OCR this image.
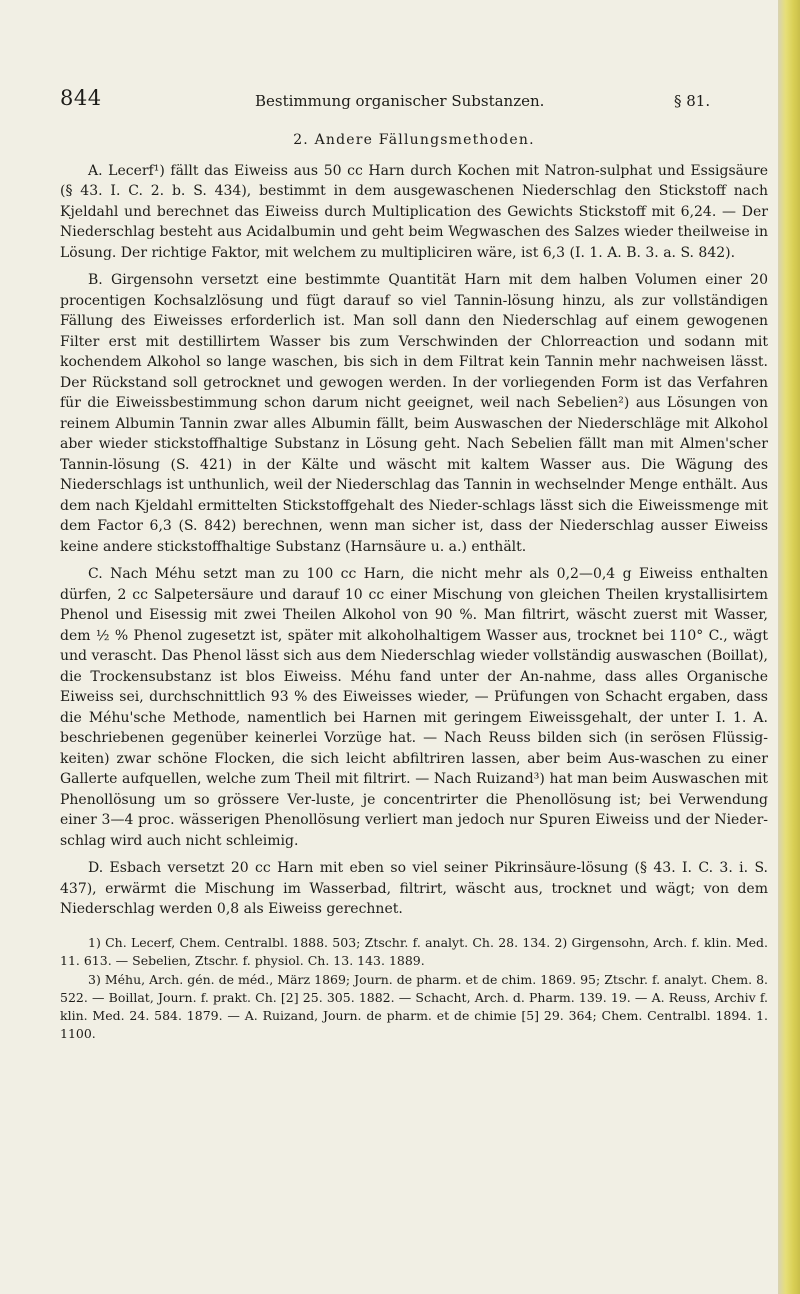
844	Bestimmung organischer Substanzen.	§ 81.
2. Andere Fällungsmethoden.

A. Lecerf¹) fällt das Eiweiss aus 50 cc Harn durch Kochen mit Natron-sulphat und Essigsäure (§ 43. I. C. 2. b. S. 434), bestimmt in dem ausgewaschenen Niederschlag den Stickstoff nach Kjeldahl und berechnet das Eiweiss durch Multiplication des Gewichts Stickstoff mit 6,24. — Der Niederschlag besteht aus Acidalbumin und geht beim Wegwaschen des Salzes wieder theilweise in Lösung. Der richtige Faktor, mit welchem zu multipliciren wäre, ist 6,3 (I. 1. A. B. 3. a. S. 842).

B. Girgensohn versetzt eine bestimmte Quantität Harn mit dem halben Volumen einer 20 procentigen Kochsalzlösung und fügt darauf so viel Tannin-lösung hinzu, als zur vollständigen Fällung des Eiweisses erforderlich ist. Man soll dann den Niederschlag auf einem gewogenen Filter erst mit destillirtem Wasser bis zum Verschwinden der Chlorreaction und sodann mit kochendem Alkohol so lange waschen, bis sich in dem Filtrat kein Tannin mehr nachweisen lässt. Der Rückstand soll getrocknet und gewogen werden. In der vorliegenden Form ist das Verfahren für die Eiweissbestimmung schon darum nicht geeignet, weil nach Sebelien²) aus Lösungen von reinem Albumin Tannin zwar alles Albumin fällt, beim Auswaschen der Niederschläge mit Alkohol aber wieder stickstoffhaltige Substanz in Lösung geht. Nach Sebelien fällt man mit Almen'scher Tannin-lösung (S. 421) in der Kälte und wäscht mit kaltem Wasser aus. Die Wägung des Niederschlags ist unthunlich, weil der Niederschlag das Tannin in wechselnder Menge enthält. Aus dem nach Kjeldahl ermittelten Stickstoffgehalt des Nieder-schlags lässt sich die Eiweissmenge mit dem Factor 6,3 (S. 842) berechnen, wenn man sicher ist, dass der Niederschlag ausser Eiweiss keine andere stickstoffhaltige Substanz (Harnsäure u. a.) enthält.

C. Nach Méhu setzt man zu 100 cc Harn, die nicht mehr als 0,2—0,4 g Eiweiss enthalten dürfen, 2 cc Salpetersäure und darauf 10 cc einer Mischung von gleichen Theilen krystallisirtem Phenol und Eisessig mit zwei Theilen Alkohol von 90 %. Man filtrirt, wäscht zuerst mit Wasser, dem ½ % Phenol zugesetzt ist, später mit alkoholhaltigem Wasser aus, trocknet bei 110° C., wägt und verascht. Das Phenol lässt sich aus dem Niederschlag wieder vollständig auswaschen (Boillat), die Trockensubstanz ist blos Eiweiss. Méhu fand unter der An-nahme, dass alles Organische Eiweiss sei, durchschnittlich 93 % des Eiweisses wieder, — Prüfungen von Schacht ergaben, dass die Méhu'sche Methode, namentlich bei Harnen mit geringem Eiweissgehalt, der unter I. 1. A. beschriebenen gegenüber keinerlei Vorzüge hat. — Nach Reuss bilden sich (in serösen Flüssig-keiten) zwar schöne Flocken, die sich leicht abfiltriren lassen, aber beim Aus-waschen zu einer Gallerte aufquellen, welche zum Theil mit filtrirt. — Nach Ruizand³) hat man beim Auswaschen mit Phenollösung um so grössere Ver-luste, je concentrirter die Phenollösung ist; bei Verwendung einer 3—4 proc. wässerigen Phenollösung verliert man jedoch nur Spuren Eiweiss und der Nieder-schlag wird auch nicht schleimig.

D. Esbach versetzt 20 cc Harn mit eben so viel seiner Pikrinsäure-lösung (§ 43. I. C. 3. i. S. 437), erwärmt die Mischung im Wasserbad, filtrirt, wäscht aus, trocknet und wägt; von dem Niederschlag werden 0,8 als Eiweiss gerechnet.

1) Ch. Lecerf, Chem. Centralbl. 1888. 503; Ztschr. f. analyt. Ch. 28. 134. 2) Girgensohn, Arch. f. klin. Med. 11. 613. — Sebelien, Ztschr. f. physiol. Ch. 13. 143. 1889.

3) Méhu, Arch. gén. de méd., März 1869; Journ. de pharm. et de chim. 1869. 95; Ztschr. f. analyt. Chem. 8. 522. — Boillat, Journ. f. prakt. Ch. [2] 25. 305. 1882. — Schacht, Arch. d. Pharm. 139. 19. — A. Reuss, Archiv f. klin. Med. 24. 584. 1879. — A. Ruizand, Journ. de pharm. et de chimie [5] 29. 364; Chem. Centralbl. 1894. 1. 1100.
